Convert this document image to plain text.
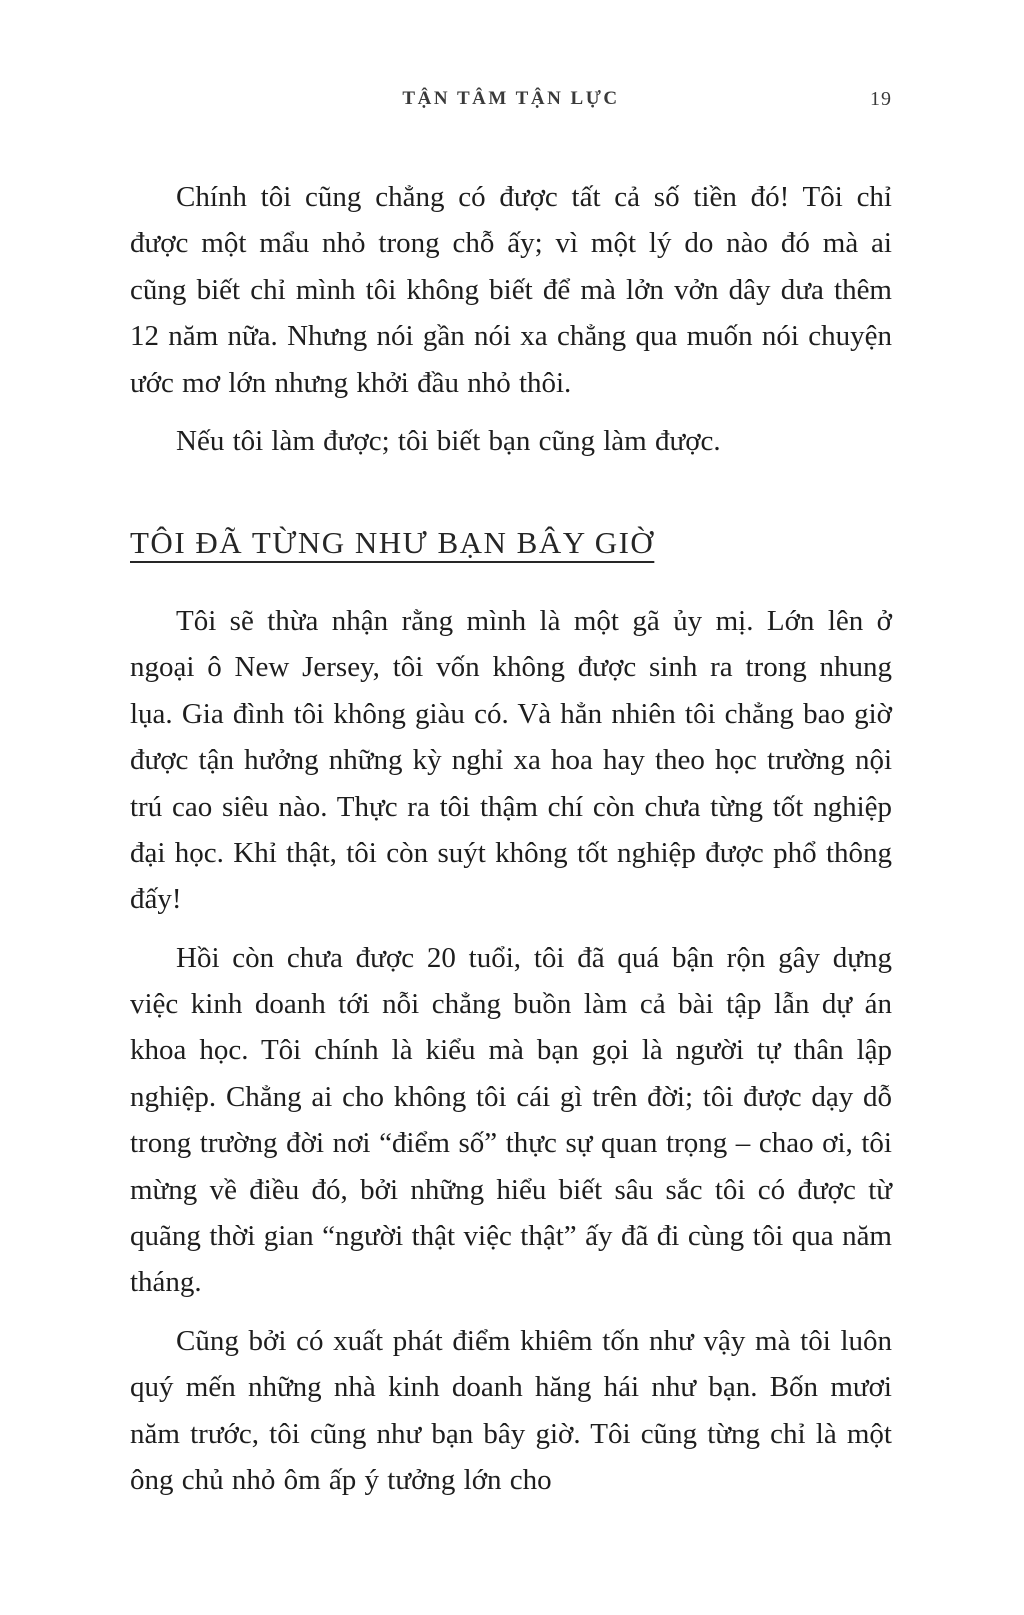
TẬN TÂM TẬN LỰC	19

Chính tôi cũng chẳng có được tất cả số tiền đó! Tôi chỉ được một mẩu nhỏ trong chỗ ấy; vì một lý do nào đó mà ai cũng biết chỉ mình tôi không biết để mà lởn vởn dây dưa thêm 12 năm nữa. Nhưng nói gần nói xa chẳng qua muốn nói chuyện ước mơ lớn nhưng khởi đầu nhỏ thôi.

Nếu tôi làm được; tôi biết bạn cũng làm được.

TÔI ĐÃ TỪNG NHƯ BẠN BÂY GIỜ

Tôi sẽ thừa nhận rằng mình là một gã ủy mị. Lớn lên ở ngoại ô New Jersey, tôi vốn không được sinh ra trong nhung lụa. Gia đình tôi không giàu có. Và hẳn nhiên tôi chẳng bao giờ được tận hưởng những kỳ nghỉ xa hoa hay theo học trường nội trú cao siêu nào. Thực ra tôi thậm chí còn chưa từng tốt nghiệp đại học. Khỉ thật, tôi còn suýt không tốt nghiệp được phổ thông đấy!

Hồi còn chưa được 20 tuổi, tôi đã quá bận rộn gây dựng việc kinh doanh tới nỗi chẳng buồn làm cả bài tập lẫn dự án khoa học. Tôi chính là kiểu mà bạn gọi là người tự thân lập nghiệp. Chẳng ai cho không tôi cái gì trên đời; tôi được dạy dỗ trong trường đời nơi “điểm số” thực sự quan trọng – chao ơi, tôi mừng về điều đó, bởi những hiểu biết sâu sắc tôi có được từ quãng thời gian “người thật việc thật” ấy đã đi cùng tôi qua năm tháng.

Cũng bởi có xuất phát điểm khiêm tốn như vậy mà tôi luôn quý mến những nhà kinh doanh hăng hái như bạn. Bốn mươi năm trước, tôi cũng như bạn bây giờ. Tôi cũng từng chỉ là một ông chủ nhỏ ôm ấp ý tưởng lớn cho
